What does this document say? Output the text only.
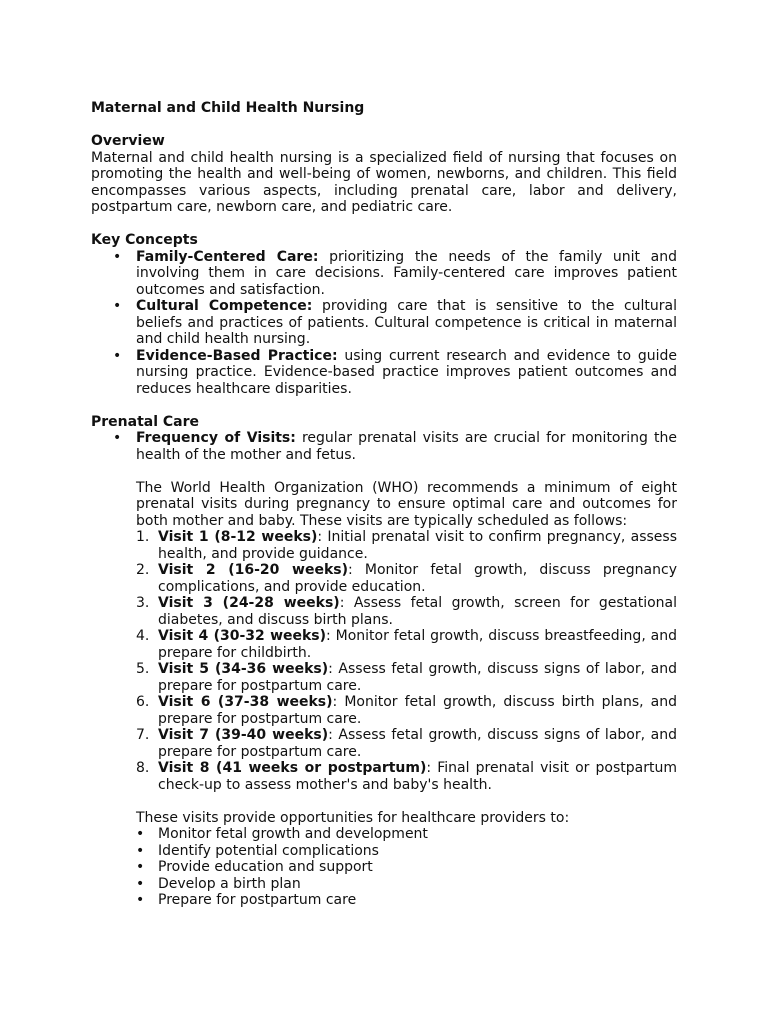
Maternal and Child Health Nursing

Overview

Maternal and child health nursing is a specialized field of nursing that focuses on promoting the health and well-being of women, newborns, and children. This field encompasses various aspects, including prenatal care, labor and delivery, postpartum care, newborn care, and pediatric care.

Key Concepts

• Family-Centered Care: prioritizing the needs of the family unit and involving them in care decisions. Family-centered care improves patient outcomes and satisfaction.
• Cultural Competence: providing care that is sensitive to the cultural beliefs and practices of patients. Cultural competence is critical in maternal and child health nursing.
• Evidence-Based Practice: using current research and evidence to guide nursing practice. Evidence-based practice improves patient outcomes and reduces healthcare disparities.

Prenatal Care

• Frequency of Visits: regular prenatal visits are crucial for monitoring the health of the mother and fetus.
The World Health Organization (WHO) recommends a minimum of eight prenatal visits during pregnancy to ensure optimal care and outcomes for both mother and baby. These visits are typically scheduled as follows:
1. Visit 1 (8-12 weeks): Initial prenatal visit to confirm pregnancy, assess health, and provide guidance.
2. Visit 2 (16-20 weeks): Monitor fetal growth, discuss pregnancy complications, and provide education.
3. Visit 3 (24-28 weeks): Assess fetal growth, screen for gestational diabetes, and discuss birth plans.
4. Visit 4 (30-32 weeks): Monitor fetal growth, discuss breastfeeding, and prepare for childbirth.
5. Visit 5 (34-36 weeks): Assess fetal growth, discuss signs of labor, and prepare for postpartum care.
6. Visit 6 (37-38 weeks): Monitor fetal growth, discuss birth plans, and prepare for postpartum care.
7. Visit 7 (39-40 weeks): Assess fetal growth, discuss signs of labor, and prepare for postpartum care.
8. Visit 8 (41 weeks or postpartum): Final prenatal visit or postpartum check-up to assess mother's and baby's health.
These visits provide opportunities for healthcare providers to:
• Monitor fetal growth and development
• Identify potential complications
• Provide education and support
• Develop a birth plan
• Prepare for postpartum care
